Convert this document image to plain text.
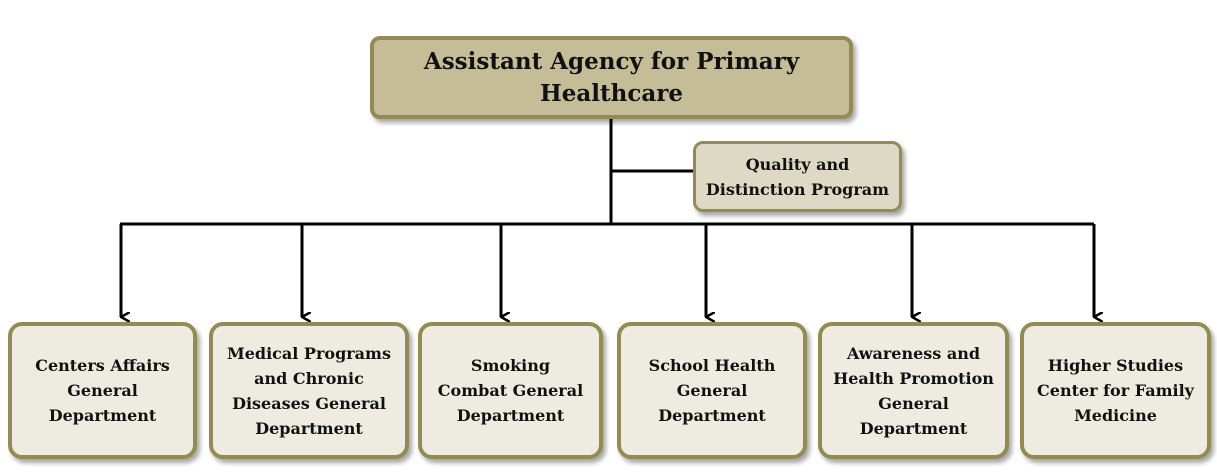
Assistant Agency for Primary
Healthcare
Quality and
Distinction Program
Centers Affairs
General
Department
Medical Programs
and Chronic
Diseases General
Department
Smoking
Combat General
Department
School Health
General
Department
Awareness and
Health Promotion
General
Department
Higher Studies
Center for Family
Medicine
